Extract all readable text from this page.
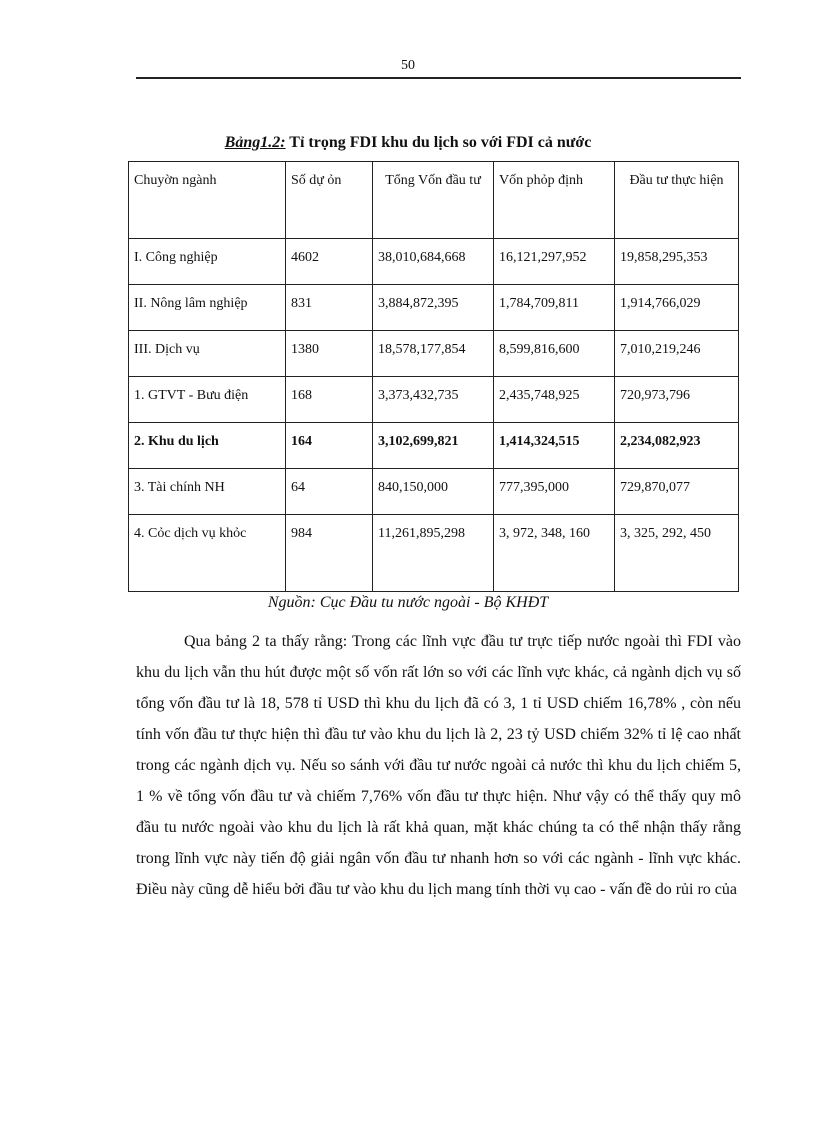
50
Bảng1.2: Tỉ trọng FDI khu du lịch so với FDI cả nước
Chuyờn ngành	Số dự ỏn	Tổng Vốn đầu tư	Vốn phỏp định	Đầu tư thực hiện
I. Công nghiệp	4602	38,010,684,668	16,121,297,952	19,858,295,353
II. Nông lâm nghiệp	831	3,884,872,395	1,784,709,811	1,914,766,029
III. Dịch vụ	1380	18,578,177,854	8,599,816,600	7,010,219,246
1. GTVT - Bưu điện	168	3,373,432,735	2,435,748,925	720,973,796
2. Khu du lịch	164	3,102,699,821	1,414,324,515	2,234,082,923
3. Tài chính NH	64	840,150,000	777,395,000	729,870,077
4. Cỏc dịch vụ khỏc	984	11,261,895,298	3, 972, 348, 160	3, 325, 292, 450
Nguồn: Cục Đầu tu nước ngoài - Bộ KHĐT

Qua bảng 2 ta thấy rằng: Trong các lĩnh vực đầu tư trực tiếp nước ngoài thì FDI vào khu du lịch vẫn thu hút được một số vốn rất lớn so với các lĩnh vực khác, cả ngành dịch vụ số tổng vốn đầu tư là 18, 578 tỉ USD thì khu du lịch đã có 3, 1 tỉ USD chiếm 16,78% , còn nếu tính vốn đầu tư thực hiện thì đầu tư vào khu du lịch là 2, 23 tỷ USD chiếm 32% tỉ lệ cao nhất trong các ngành dịch vụ. Nếu so sánh với đầu tư nước ngoài cả nước thì khu du lịch chiếm 5, 1 % về tổng vốn đầu tư và chiếm 7,76% vốn đầu tư thực hiện. Như vậy có thể thấy quy mô đầu tu nước ngoài vào khu du lịch là rất khả quan, mặt khác chúng ta có thể nhận thấy rằng trong lĩnh vực này tiến độ giải ngân vốn đầu tư nhanh hơn so với các ngành - lĩnh vực khác. Điều này cũng dễ hiểu bởi đầu tư vào khu du lịch mang tính thời vụ cao - vấn đề do rủi ro của
